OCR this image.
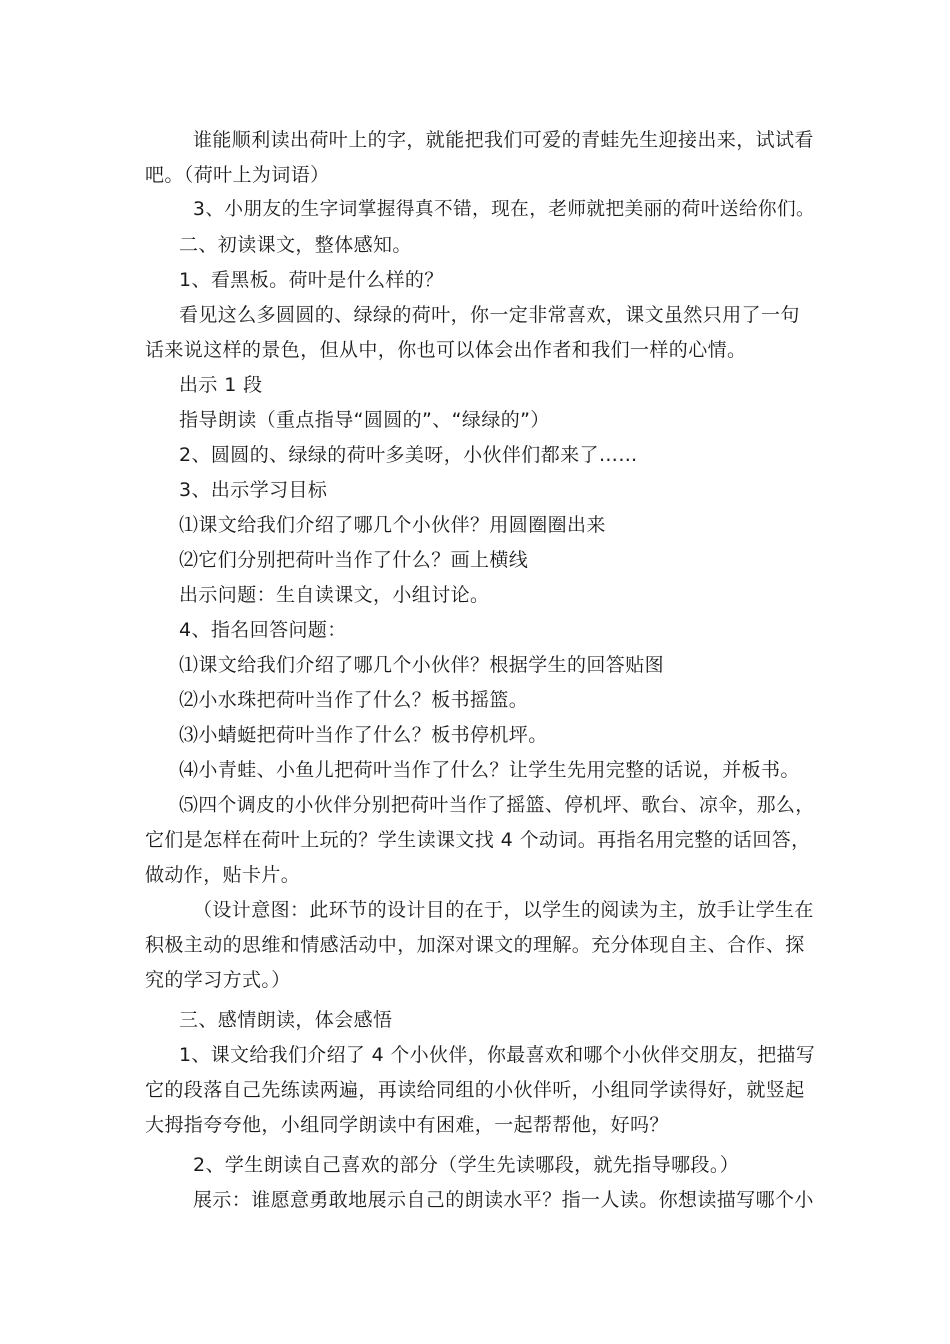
谁能顺利读出荷叶上的字，就能把我们可爱的青蛙先生迎接出来，试试看
吧。（荷叶上为词语）
3、小朋友的生字词掌握得真不错，现在，老师就把美丽的荷叶送给你们。
二、初读课文，整体感知。
1、看黑板。荷叶是什么样的？
看见这么多圆圆的、绿绿的荷叶，你一定非常喜欢，课文虽然只用了一句
话来说这样的景色，但从中，你也可以体会出作者和我们一样的心情。
出示 1 段
指导朗读（重点指导“圆圆的”、“绿绿的”）
2、圆圆的、绿绿的荷叶多美呀，小伙伴们都来了……
3、出示学习目标
⑴课文给我们介绍了哪几个小伙伴？用圆圈圈出来
⑵它们分别把荷叶当作了什么？画上横线
出示问题：生自读课文，小组讨论。
4、指名回答问题：
⑴课文给我们介绍了哪几个小伙伴？根据学生的回答贴图
⑵小水珠把荷叶当作了什么？板书摇篮。
⑶小蜻蜓把荷叶当作了什么？板书停机坪。
⑷小青蛙、小鱼儿把荷叶当作了什么？让学生先用完整的话说，并板书。
⑸四个调皮的小伙伴分别把荷叶当作了摇篮、停机坪、歌台、凉伞，那么，
它们是怎样在荷叶上玩的？学生读课文找 4 个动词。再指名用完整的话回答，
做动作，贴卡片。
（设计意图：此环节的设计目的在于，以学生的阅读为主，放手让学生在
积极主动的思维和情感活动中，加深对课文的理解。充分体现自主、合作、探
究的学习方式。）
三、感情朗读，体会感悟
1、课文给我们介绍了 4 个小伙伴，你最喜欢和哪个小伙伴交朋友，把描写
它的段落自己先练读两遍，再读给同组的小伙伴听，小组同学读得好，就竖起
大拇指夸夸他，小组同学朗读中有困难，一起帮帮他，好吗？
2、学生朗读自己喜欢的部分（学生先读哪段，就先指导哪段。）
展示：谁愿意勇敢地展示自己的朗读水平？指一人读。你想读描写哪个小
